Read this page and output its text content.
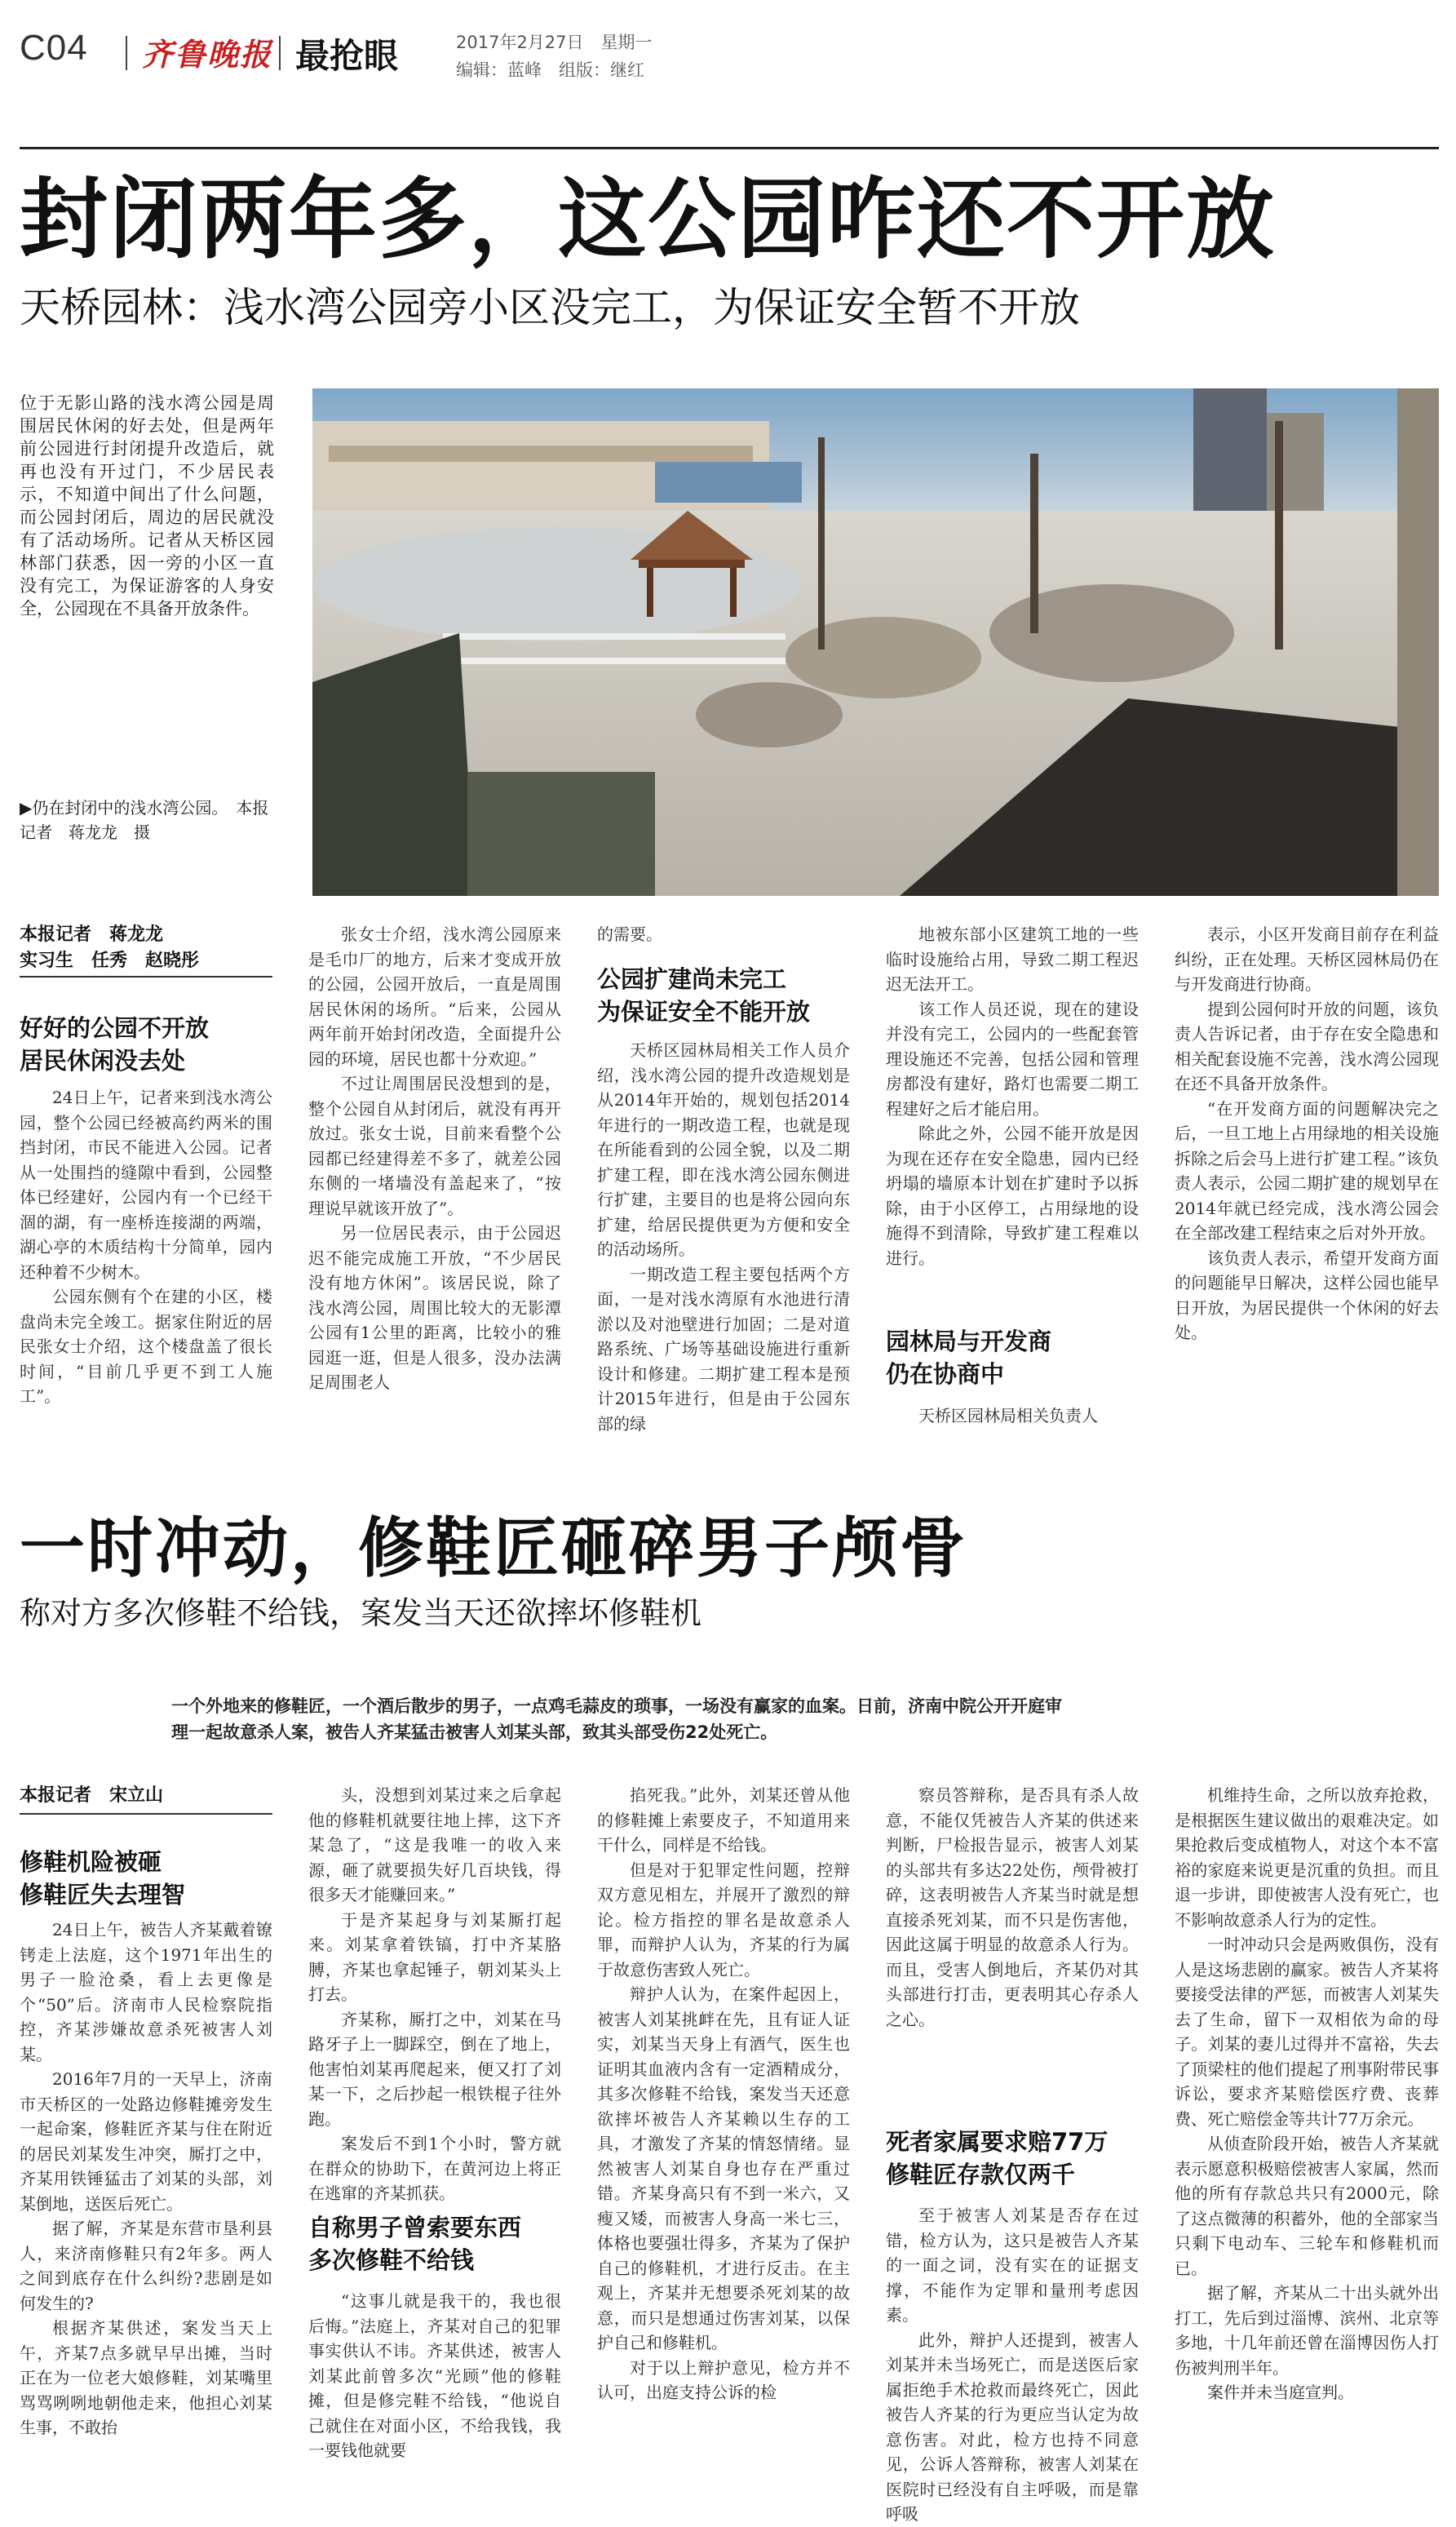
C04 齐鲁晚报 最抢眼	2017年2月27日　星期一
编辑：蓝峰　组版：继红
封闭两年多，这公园咋还不开放
天桥园林：浅水湾公园旁小区没完工，为保证安全暂不开放
位于无影山路的浅水湾公园是周围居民休闲的好去处，但是两年前公园进行封闭提升改造后，就再也没有开过门，不少居民表示，不知道中间出了什么问题，而公园封闭后，周边的居民就没有了活动场所。记者从天桥区园林部门获悉，因一旁的小区一直没有完工，为保证游客的人身安全，公园现在不具备开放条件。
▶仍在封闭中的浅水湾公园。　本报记者　蒋龙龙　摄
本报记者　蒋龙龙
实习生　任秀　赵晓彤
好好的公园不开放
居民休闲没去处

24日上午，记者来到浅水湾公园，整个公园已经被高约两米的围挡封闭，市民不能进入公园。记者从一处围挡的缝隙中看到，公园整体已经建好，公园内有一个已经干涸的湖，有一座桥连接湖的两端，湖心亭的木质结构十分简单，园内还种着不少树木。

公园东侧有个在建的小区，楼盘尚未完全竣工。据家住附近的居民张女士介绍，这个楼盘盖了很长时间，“目前几乎更不到工人施工”。

张女士介绍，浅水湾公园原来是毛巾厂的地方，后来才变成开放的公园，公园开放后，一直是周围居民休闲的场所。“后来，公园从两年前开始封闭改造，全面提升公园的环境，居民也都十分欢迎。”

不过让周围居民没想到的是，整个公园自从封闭后，就没有再开放过。张女士说，目前来看整个公园都已经建得差不多了，就差公园东侧的一堵墙没有盖起来了，“按理说早就该开放了”。

另一位居民表示，由于公园迟迟不能完成施工开放，“不少居民没有地方休闲”。该居民说，除了浅水湾公园，周围比较大的无影潭公园有1公里的距离，比较小的雅园逛一逛，但是人很多，没办法满足周围老人

的需要。
公园扩建尚未完工
为保证安全不能开放

天桥区园林局相关工作人员介绍，浅水湾公园的提升改造规划是从2014年开始的，规划包括2014年进行的一期改造工程，也就是现在所能看到的公园全貌，以及二期扩建工程，即在浅水湾公园东侧进行扩建，主要目的也是将公园向东扩建，给居民提供更为方便和安全的活动场所。

一期改造工程主要包括两个方面，一是对浅水湾原有水池进行清淤以及对池壁进行加固；二是对道路系统、广场等基础设施进行重新设计和修建。二期扩建工程本是预计2015年进行，但是由于公园东部的绿

地被东部小区建筑工地的一些临时设施给占用，导致二期工程迟迟无法开工。

该工作人员还说，现在的建设并没有完工，公园内的一些配套管理设施还不完善，包括公园和管理房都没有建好，路灯也需要二期工程建好之后才能启用。

除此之外，公园不能开放是因为现在还存在安全隐患，园内已经坍塌的墙原本计划在扩建时予以拆除，由于小区停工，占用绿地的设施得不到清除，导致扩建工程难以进行。

园林局与开发商
仍在协商中

天桥区园林局相关负责人

表示，小区开发商目前存在利益纠纷，正在处理。天桥区园林局仍在与开发商进行协商。

提到公园何时开放的问题，该负责人告诉记者，由于存在安全隐患和相关配套设施不完善，浅水湾公园现在还不具备开放条件。

“在开发商方面的问题解决完之后，一旦工地上占用绿地的相关设施拆除之后会马上进行扩建工程。”该负责人表示，公园二期扩建的规划早在2014年就已经完成，浅水湾公园会在全部改建工程结束之后对外开放。

该负责人表示，希望开发商方面的问题能早日解决，这样公园也能早日开放，为居民提供一个休闲的好去处。

一时冲动，修鞋匠砸碎男子颅骨
称对方多次修鞋不给钱，案发当天还欲摔坏修鞋机
一个外地来的修鞋匠，一个酒后散步的男子，一点鸡毛蒜皮的琐事，一场没有赢家的血案。日前，济南中院公开开庭审
理一起故意杀人案，被告人齐某猛击被害人刘某头部，致其头部受伤22处死亡。
本报记者　宋立山
修鞋机险被砸
修鞋匠失去理智

24日上午，被告人齐某戴着镣铐走上法庭，这个1971年出生的男子一脸沧桑，看上去更像是个“50”后。济南市人民检察院指控，齐某涉嫌故意杀死被害人刘某。

2016年7月的一天早上，济南市天桥区的一处路边修鞋摊旁发生一起命案，修鞋匠齐某与住在附近的居民刘某发生冲突，厮打之中，齐某用铁锤猛击了刘某的头部，刘某倒地，送医后死亡。

据了解，齐某是东营市垦利县人，来济南修鞋只有2年多。两人之间到底存在什么纠纷?悲剧是如何发生的?

根据齐某供述，案发当天上午，齐某7点多就早早出摊，当时正在为一位老大娘修鞋，刘某嘴里骂骂咧咧地朝他走来，他担心刘某生事，不敢抬

头，没想到刘某过来之后拿起他的修鞋机就要往地上摔，这下齐某急了，“这是我唯一的收入来源，砸了就要损失好几百块钱，得很多天才能赚回来。”

于是齐某起身与刘某厮打起来。刘某拿着铁镐，打中齐某胳膊，齐某也拿起锤子，朝刘某头上打去。

齐某称，厮打之中，刘某在马路牙子上一脚踩空，倒在了地上，他害怕刘某再爬起来，便又打了刘某一下，之后抄起一根铁棍子往外跑。

案发后不到1个小时，警方就在群众的协助下，在黄河边上将正在逃窜的齐某抓获。

自称男子曾索要东西
多次修鞋不给钱

“这事儿就是我干的，我也很后悔。”法庭上，齐某对自己的犯罪事实供认不讳。齐某供述，被害人刘某此前曾多次“光顾”他的修鞋摊，但是修完鞋不给钱，“他说自己就住在对面小区，不给我钱，我一要钱他就要

掐死我。”此外，刘某还曾从他的修鞋摊上索要皮子，不知道用来干什么，同样是不给钱。

但是对于犯罪定性问题，控辩双方意见相左，并展开了激烈的辩论。检方指控的罪名是故意杀人罪，而辩护人认为，齐某的行为属于故意伤害致人死亡。

辩护人认为，在案件起因上，被害人刘某挑衅在先，且有证人证实，刘某当天身上有酒气，医生也证明其血液内含有一定酒精成分，其多次修鞋不给钱，案发当天还意欲摔坏被告人齐某赖以生存的工具，才激发了齐某的情怒情绪。显然被害人刘某自身也存在严重过错。齐某身高只有不到一米六，又瘦又矮，而被害人身高一米七三，体格也要强壮得多，齐某为了保护自己的修鞋机，才进行反击。在主观上，齐某并无想要杀死刘某的故意，而只是想通过伤害刘某，以保护自己和修鞋机。

对于以上辩护意见，检方并不认可，出庭支持公诉的检

察员答辩称，是否具有杀人故意，不能仅凭被告人齐某的供述来判断，尸检报告显示，被害人刘某的头部共有多达22处伤，颅骨被打碎，这表明被告人齐某当时就是想直接杀死刘某，而不只是伤害他，因此这属于明显的故意杀人行为。而且，受害人倒地后，齐某仍对其头部进行打击，更表明其心存杀人之心。

死者家属要求赔77万
修鞋匠存款仅两千

至于被害人刘某是否存在过错，检方认为，这只是被告人齐某的一面之词，没有实在的证据支撑，不能作为定罪和量刑考虑因素。

此外，辩护人还提到，被害人刘某并未当场死亡，而是送医后家属拒绝手术抢救而最终死亡，因此被告人齐某的行为更应当认定为故意伤害。对此，检方也持不同意见，公诉人答辩称，被害人刘某在医院时已经没有自主呼吸，而是靠呼吸

机维持生命，之所以放弃抢救，是根据医生建议做出的艰难决定。如果抢救后变成植物人，对这个本不富裕的家庭来说更是沉重的负担。而且退一步讲，即使被害人没有死亡，也不影响故意杀人行为的定性。

一时冲动只会是两败俱伤，没有人是这场悲剧的赢家。被告人齐某将要接受法律的严惩，而被害人刘某失去了生命，留下一双相依为命的母子。刘某的妻儿过得并不富裕，失去了顶梁柱的他们提起了刑事附带民事诉讼，要求齐某赔偿医疗费、丧葬费、死亡赔偿金等共计77万余元。

从侦查阶段开始，被告人齐某就表示愿意积极赔偿被害人家属，然而他的所有存款总共只有2000元，除了这点微薄的积蓄外，他的全部家当只剩下电动车、三轮车和修鞋机而已。

据了解，齐某从二十出头就外出打工，先后到过淄博、滨州、北京等多地，十几年前还曾在淄博因伤人打伤被判刑半年。

案件并未当庭宣判。
